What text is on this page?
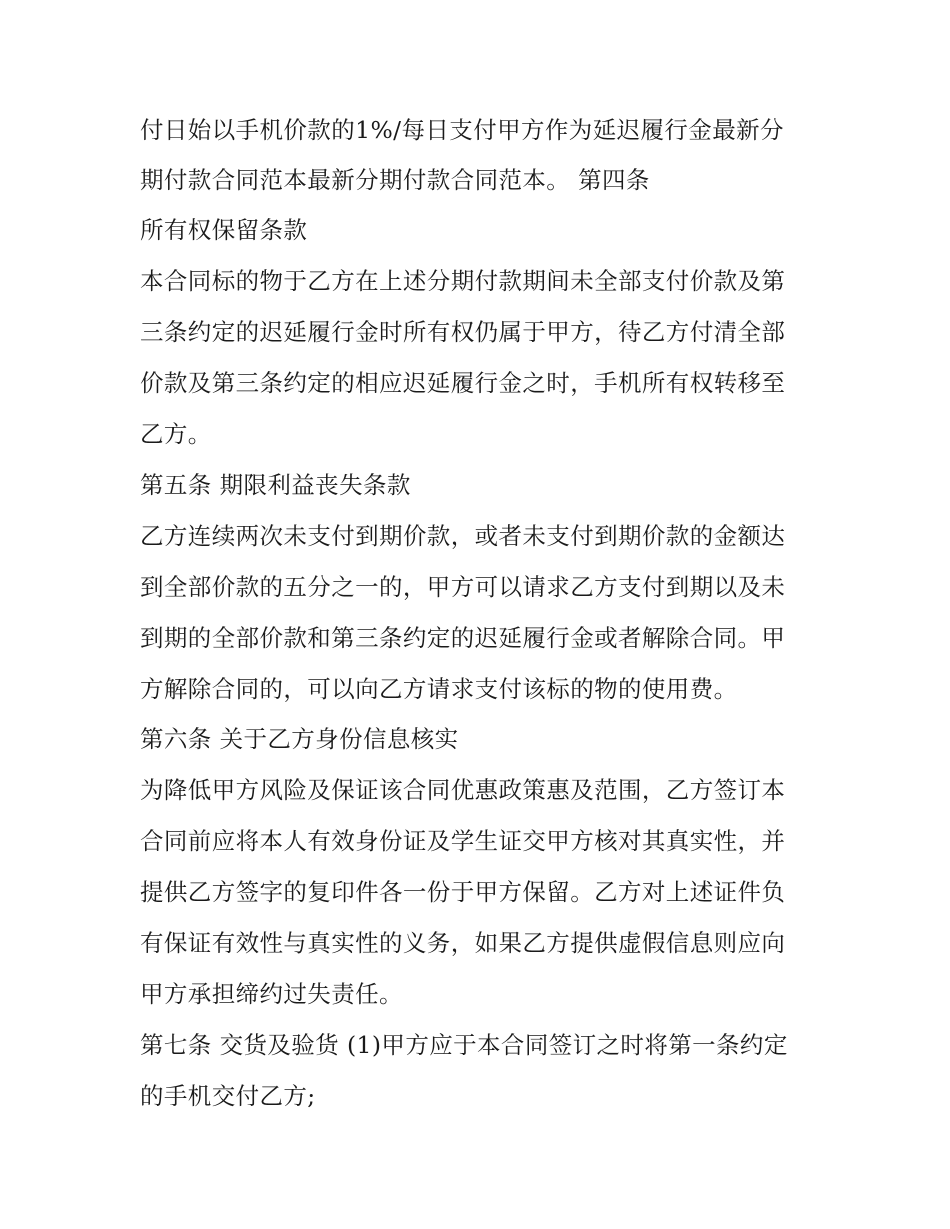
付日始以手机价款的1%/每日支付甲方作为延迟履行金最新分
期付款合同范本最新分期付款合同范本。 第四条
所有权保留条款
本合同标的物于乙方在上述分期付款期间未全部支付价款及第
三条约定的迟延履行金时所有权仍属于甲方，待乙方付清全部
价款及第三条约定的相应迟延履行金之时，手机所有权转移至
乙方。
第五条 期限利益丧失条款
乙方连续两次未支付到期价款，或者未支付到期价款的金额达
到全部价款的五分之一的，甲方可以请求乙方支付到期以及未
到期的全部价款和第三条约定的迟延履行金或者解除合同。甲
方解除合同的，可以向乙方请求支付该标的物的使用费。
第六条 关于乙方身份信息核实
为降低甲方风险及保证该合同优惠政策惠及范围，乙方签订本
合同前应将本人有效身份证及学生证交甲方核对其真实性，并
提供乙方签字的复印件各一份于甲方保留。乙方对上述证件负
有保证有效性与真实性的义务，如果乙方提供虚假信息则应向
甲方承担缔约过失责任。
第七条 交货及验货 (1)甲方应于本合同签订之时将第一条约定
的手机交付乙方;
